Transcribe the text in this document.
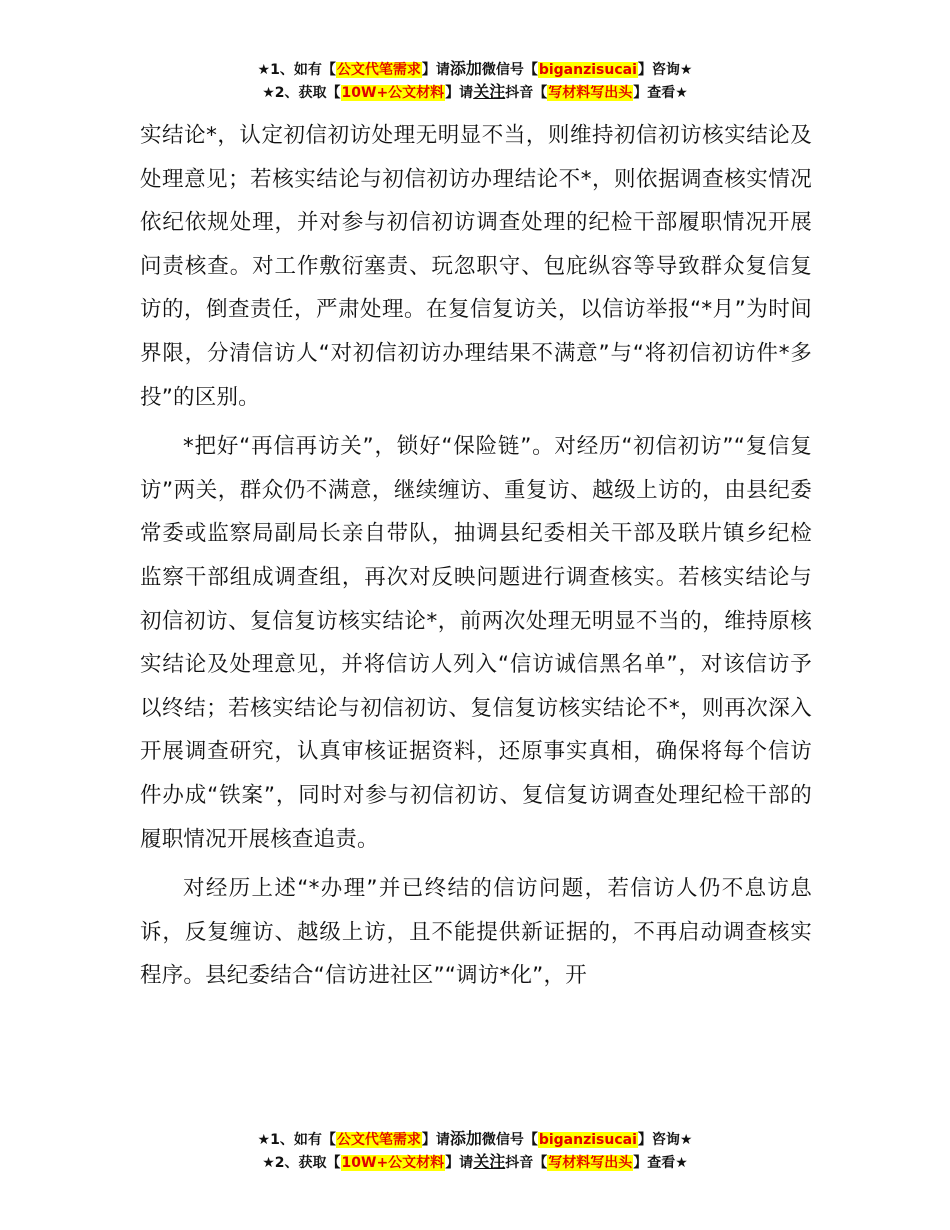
★1、如有【公文代笔需求】请添加微信号【biganzisucai】咨询★
★2、获取【10W+公文材料】请关注抖音【写材料写出头】查看★

实结论*，认定初信初访处理无明显不当，则维持初信初访核实结论及处理意见；若核实结论与初信初访办理结论不*，则依据调查核实情况依纪依规处理，并对参与初信初访调查处理的纪检干部履职情况开展问责核查。对工作敷衍塞责、玩忽职守、包庇纵容等导致群众复信复访的，倒查责任，严肃处理。在复信复访关，以信访举报“*月”为时间界限，分清信访人“对初信初访办理结果不满意”与“将初信初访件*多投”的区别。

*把好“再信再访关”，锁好“保险链”。对经历“初信初访”“复信复访”两关，群众仍不满意，继续缠访、重复访、越级上访的，由县纪委常委或监察局副局长亲自带队，抽调县纪委相关干部及联片镇乡纪检监察干部组成调查组，再次对反映问题进行调查核实。若核实结论与初信初访、复信复访核实结论*，前两次处理无明显不当的，维持原核实结论及处理意见，并将信访人列入“信访诚信黑名单”，对该信访予以终结；若核实结论与初信初访、复信复访核实结论不*，则再次深入开展调查研究，认真审核证据资料，还原事实真相，确保将每个信访件办成“铁案”，同时对参与初信初访、复信复访调查处理纪检干部的履职情况开展核查追责。

对经历上述“*办理”并已终结的信访问题，若信访人仍不息访息诉，反复缠访、越级上访，且不能提供新证据的，不再启动调查核实程序。县纪委结合“信访进社区”“调访*化”，开

★1、如有【公文代笔需求】请添加微信号【biganzisucai】咨询★
★2、获取【10W+公文材料】请关注抖音【写材料写出头】查看★
